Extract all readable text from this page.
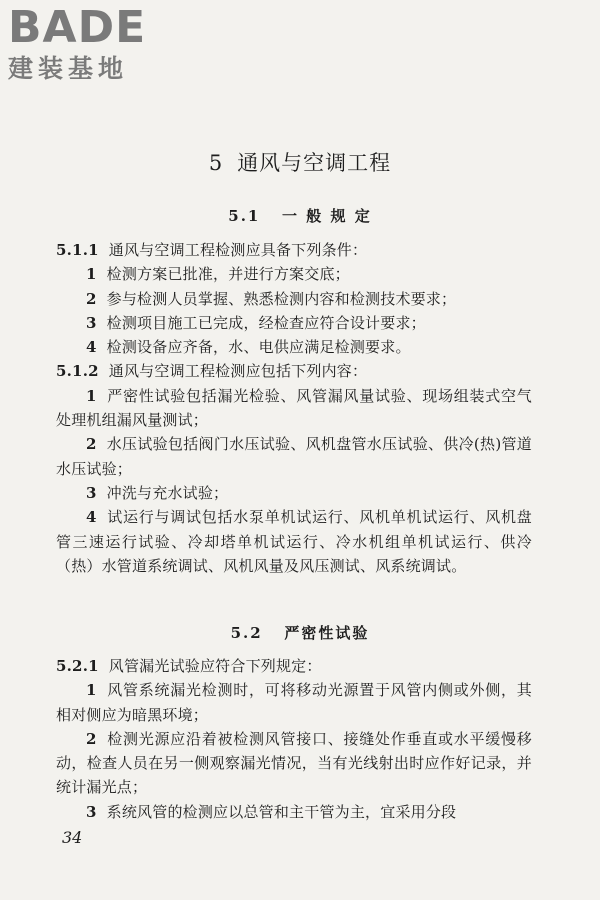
BADE
建装基地
5 通风与空调工程
5.1 一 般 规 定

5.1.1 通风与空调工程检测应具备下列条件：

1 检测方案已批准，并进行方案交底；

2 参与检测人员掌握、熟悉检测内容和检测技术要求；

3 检测项目施工已完成，经检查应符合设计要求；

4 检测设备应齐备，水、电供应满足检测要求。

5.1.2 通风与空调工程检测应包括下列内容：

1 严密性试验包括漏光检验、风管漏风量试验、现场组装式空气处理机组漏风量测试；

2 水压试验包括阀门水压试验、风机盘管水压试验、供冷(热)管道水压试验；

3 冲洗与充水试验；

4 试运行与调试包括水泵单机试运行、风机单机试运行、风机盘管三速运行试验、冷却塔单机试运行、冷水机组单机试运行、供冷（热）水管道系统调试、风机风量及风压测试、风系统调试。

5.2 严密性试验

5.2.1 风管漏光试验应符合下列规定：

1 风管系统漏光检测时，可将移动光源置于风管内侧或外侧，其相对侧应为暗黑环境；

2 检测光源应沿着被检测风管接口、接缝处作垂直或水平缓慢移动，检查人员在另一侧观察漏光情况，当有光线射出时应作好记录，并统计漏光点；

3 系统风管的检测应以总管和主干管为主，宜采用分段

34
